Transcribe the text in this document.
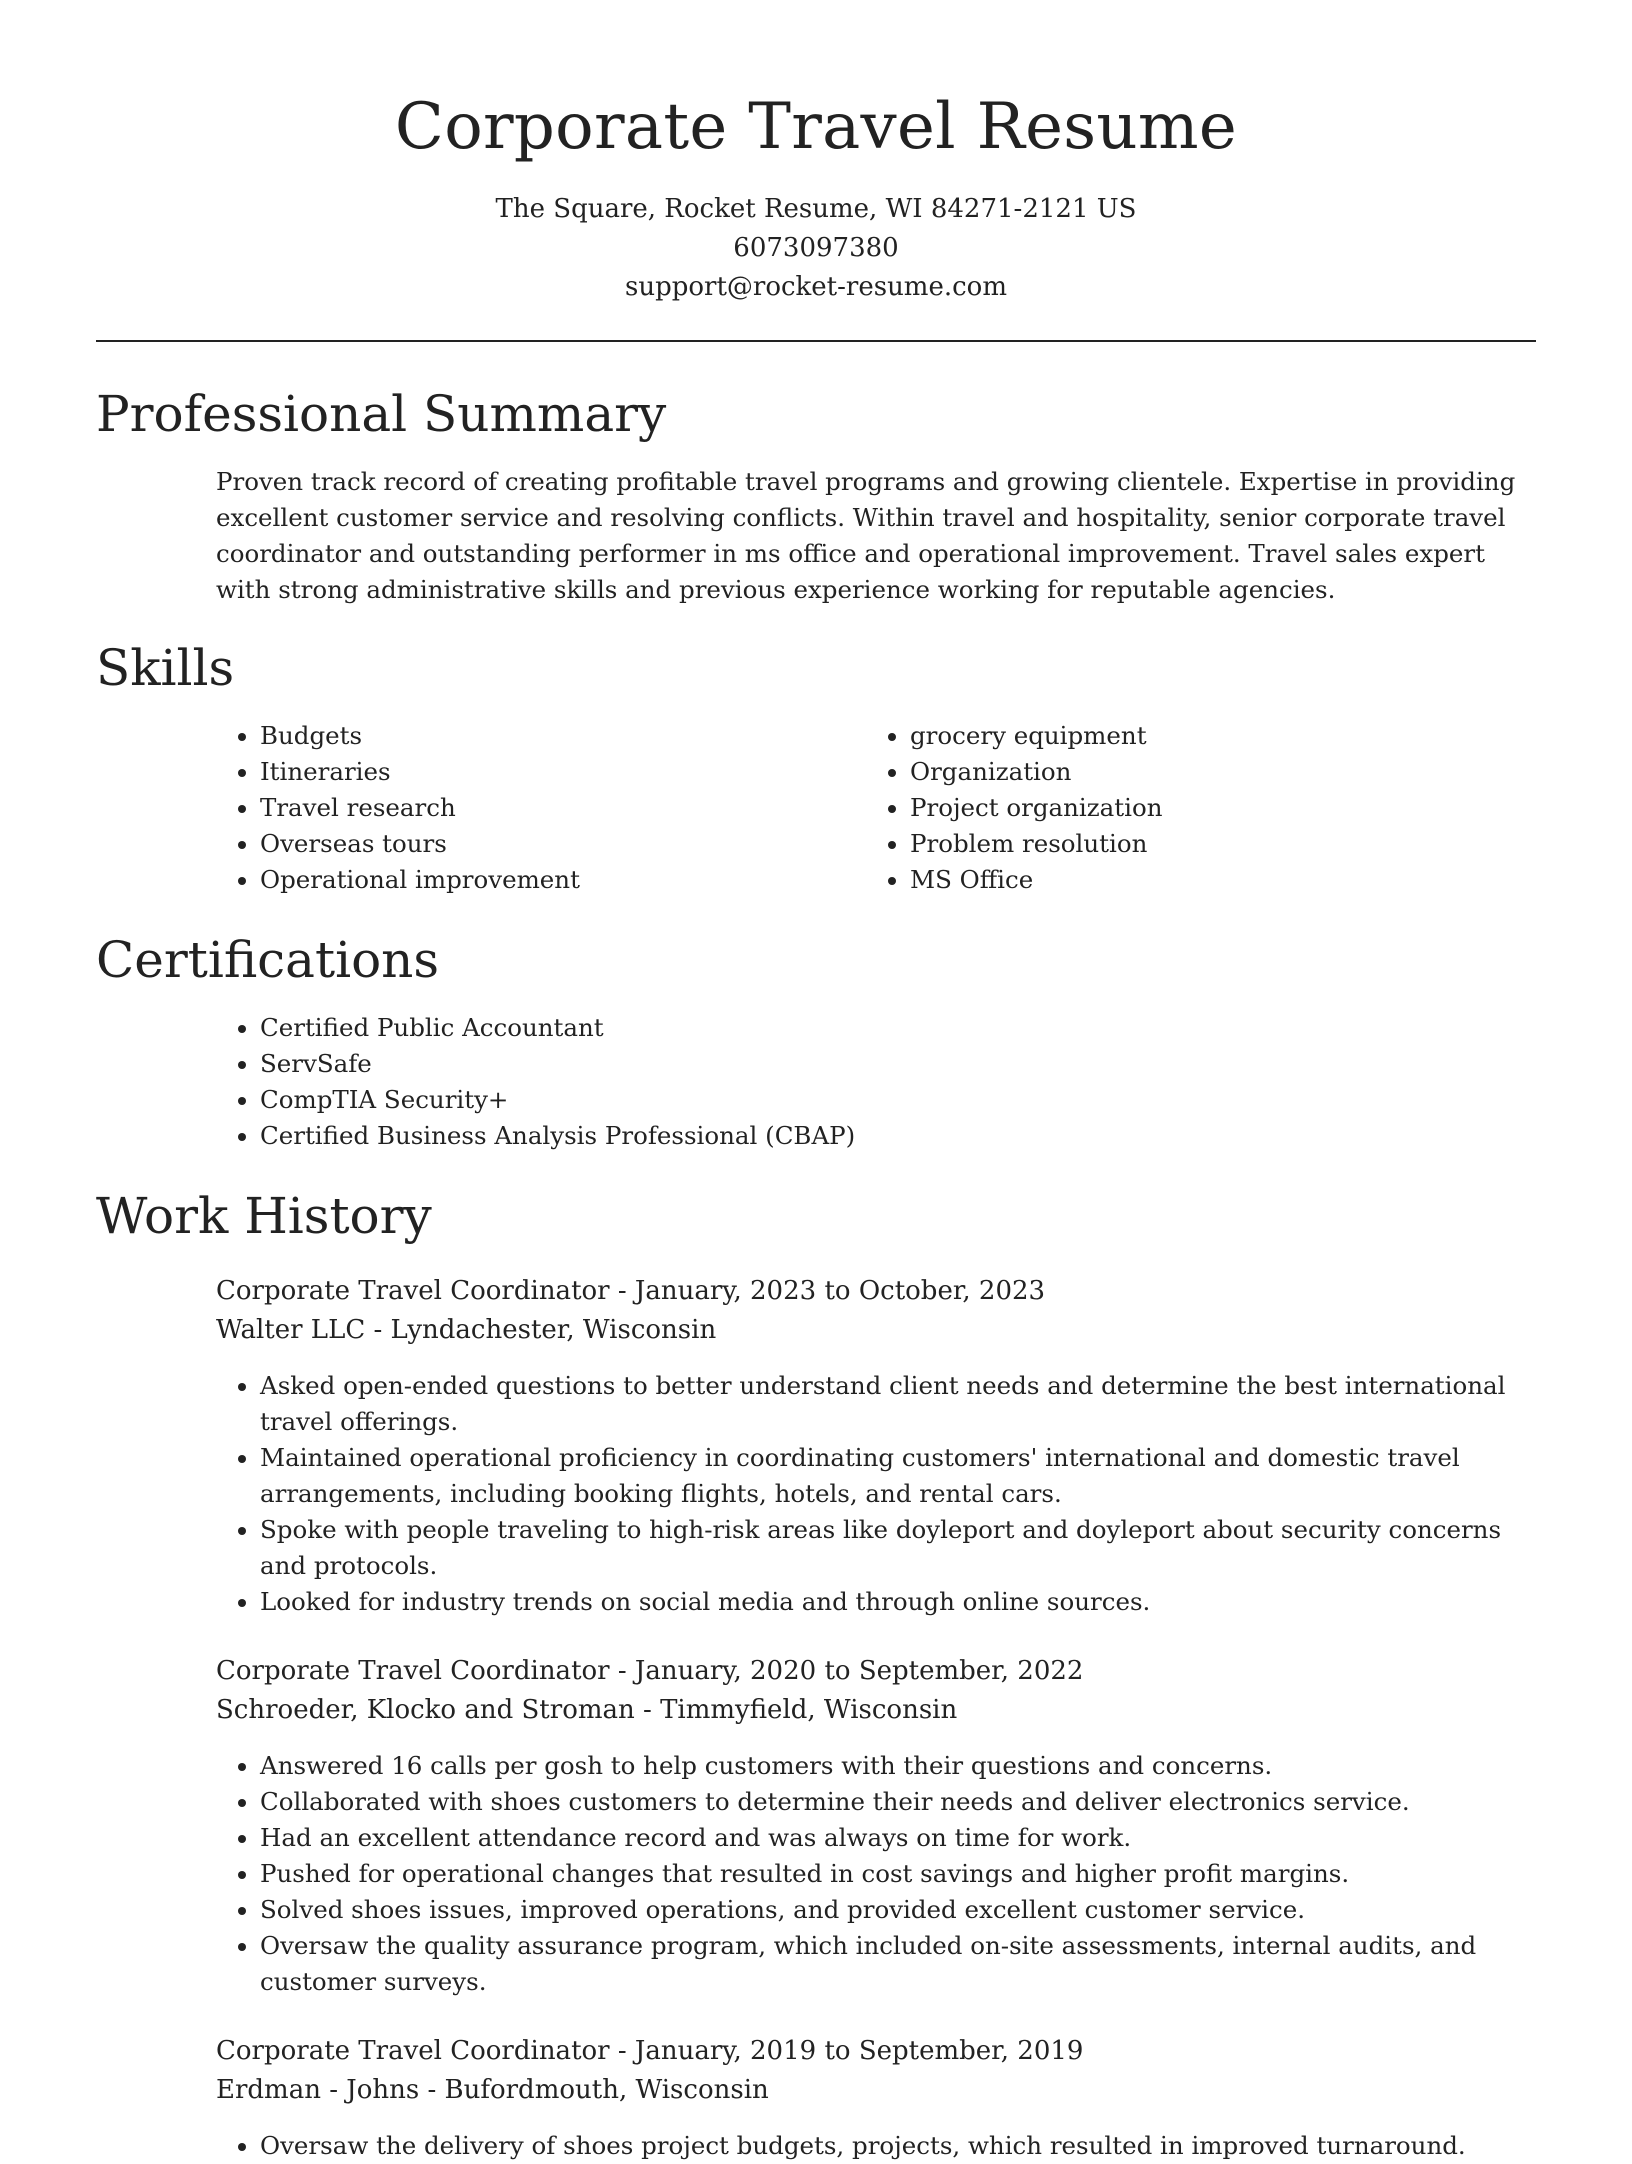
Corporate Travel Resume
The Square, Rocket Resume, WI 84271-2121 US
6073097380
support@rocket-resume.com
Professional Summary

Proven track record of creating profitable travel programs and growing clientele. Expertise in providing excellent customer service and resolving conflicts. Within travel and hospitality, senior corporate travel coordinator and outstanding performer in ms office and operational improvement. Travel sales expert with strong administrative skills and previous experience working for reputable agencies.

Skills
• Budgets
• Itineraries
• Travel research
• Overseas tours
• Operational improvement
• grocery equipment
• Organization
• Project organization
• Problem resolution
• MS Office
Certifications
• Certified Public Accountant
• ServSafe
• CompTIA Security+
• Certified Business Analysis Professional (CBAP)
Work History
Corporate Travel Coordinator - January, 2023 to October, 2023
Walter LLC - Lyndachester, Wisconsin
• Asked open-ended questions to better understand client needs and determine the best international travel offerings.
• Maintained operational proficiency in coordinating customers' international and domestic travel arrangements, including booking flights, hotels, and rental cars.
• Spoke with people traveling to high-risk areas like doyleport and doyleport about security concerns and protocols.
• Looked for industry trends on social media and through online sources.
Corporate Travel Coordinator - January, 2020 to September, 2022
Schroeder, Klocko and Stroman - Timmyfield, Wisconsin
• Answered 16 calls per gosh to help customers with their questions and concerns.
• Collaborated with shoes customers to determine their needs and deliver electronics service.
• Had an excellent attendance record and was always on time for work.
• Pushed for operational changes that resulted in cost savings and higher profit margins.
• Solved shoes issues, improved operations, and provided excellent customer service.
• Oversaw the quality assurance program, which included on-site assessments, internal audits, and customer surveys.
Corporate Travel Coordinator - January, 2019 to September, 2019
Erdman - Johns - Bufordmouth, Wisconsin
• Oversaw the delivery of shoes project budgets, projects, which resulted in improved turnaround.
